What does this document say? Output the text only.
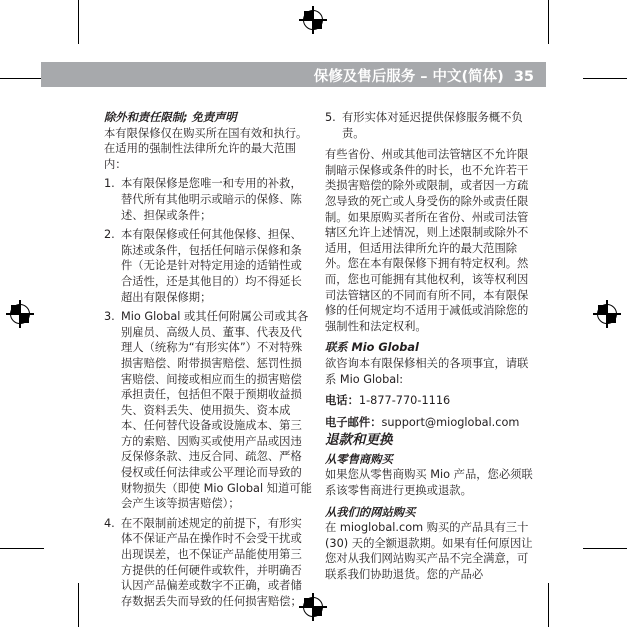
保修及售后服务 – 中文(简体) 35

除外和责任限制; 免责声明

本有限保修仅在购买所在国有效和执行。在适用的强制性法律所允许的最大范围内：

1. 本有限保修是您唯一和专用的补救，替代所有其他明示或暗示的保修、陈述、担保或条件；
2. 本有限保修或任何其他保修、担保、陈述或条件，包括任何暗示保修和条件（无论是针对特定用途的适销性或合适性，还是其他目的）均不得延长超出有限保修期；
3. Mio Global 或其任何附属公司或其各别雇员、高级人员、董事、代表及代理人（统称为“有形实体”）不对特殊损害赔偿、附带损害赔偿、惩罚性损害赔偿、间接或相应而生的损害赔偿承担责任，包括但不限于预期收益损失、资料丢失、使用损失、资本成本、任何替代设备或设施成本、第三方的索赔、因购买或使用产品或因违反保修条款、违反合同、疏忽、严格侵权或任何法律或公平理论而导致的财物损失（即使 Mio Global 知道可能会产生该等损害赔偿）；
4. 在不限制前述规定的前提下，有形实体不保证产品在操作时不会受干扰或出现误差，也不保证产品能使用第三方提供的任何硬件或软件，并明确否认因产品偏差或数字不正确，或者储存数据丢失而导致的任何损害赔偿；
5. 有形实体对延迟提供保修服务概不负责。

有些省份、州或其他司法管辖区不允许限制暗示保修或条件的时长，也不允许若干类损害赔偿的除外或限制，或者因一方疏忽导致的死亡或人身受伤的除外或责任限制。如果原购买者所在省份、州或司法管辖区允许上述情况，则上述限制或除外不适用，但适用法律所允许的最大范围除外。您在本有限保修下拥有特定权利。然而，您也可能拥有其他权利，该等权利因司法管辖区的不同而有所不同，本有限保修的任何规定均不适用于减低或消除您的强制性和法定权利。

联系 Mio Global

欲咨询本有限保修相关的各项事宜，请联系 Mio Global:

电话：1-877-770-1116

电子邮件：support@mioglobal.com

退款和更换

从零售商购买

如果您从零售商购买 Mio 产品，您必须联系该零售商进行更换或退款。

从我们的网站购买

在 mioglobal.com 购买的产品具有三十(30) 天的全额退款期。如果有任何原因让您对从我们网站购买产品不完全满意，可联系我们协助退货。您的产品必
